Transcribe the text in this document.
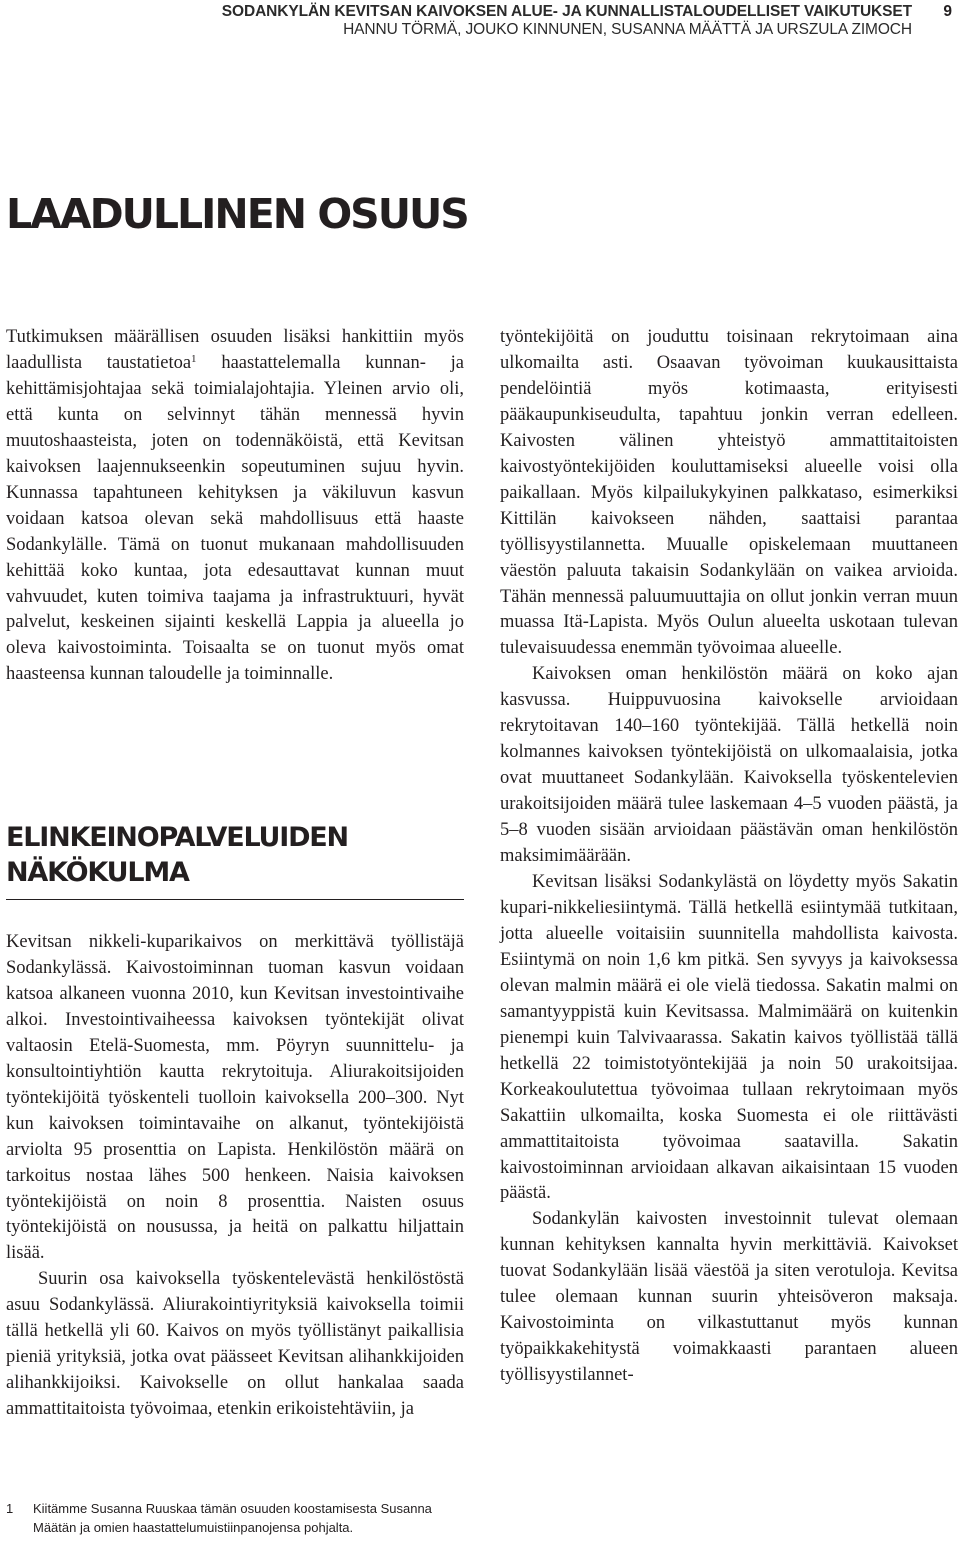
SODANKYLÄN KEVITSAN KAIVOKSEN ALUE- JA KUNNALLISTALOUDELLISET VAIKUTUKSET
HANNU TÖRMÄ, JOUKO KINNUNEN, SUSANNA MÄÄTTÄ JA URSZULA ZIMOCH
9
LAADULLINEN OSUUS

Tutkimuksen määrällisen osuuden lisäksi hankittiin myös laadullista taustatietoa$^1$ haastattelemalla kunnan- ja kehittämisjohtajaa sekä toimialajohtajia. Yleinen arvio oli, että kunta on selvinnyt tähän mennessä hyvin muutoshaasteista, joten on todennäköistä, että Kevitsan kaivoksen laajennukseenkin sopeutuminen sujuu hyvin. Kunnassa tapahtuneen kehityksen ja väkiluvun kasvun voidaan katsoa olevan sekä mahdollisuus että haaste Sodankylälle. Tämä on tuonut mukanaan mahdollisuuden kehittää koko kuntaa, jota edesauttavat kunnan muut vahvuudet, kuten toimiva taajama ja infrastruktuuri, hyvät palvelut, keskeinen sijainti keskellä Lappia ja alueella jo oleva kaivostoiminta. Toisaalta se on tuonut myös omat haasteensa kunnan taloudelle ja toiminnalle.

ELINKEINOPALVELUIDEN
NÄKÖKULMA

Kevitsan nikkeli-kuparikaivos on merkittävä työllistäjä Sodankylässä. Kaivostoiminnan tuoman kasvun voidaan katsoa alkaneen vuonna 2010, kun Kevitsan investointivaihe alkoi. Investointivaiheessa kaivoksen työntekijät olivat valtaosin Etelä-Suomesta, mm. Pöyryn suunnittelu- ja konsultointiyhtiön kautta rekrytoituja. Aliurakoitsijoiden työntekijöitä työskenteli tuolloin kaivoksella 200–300. Nyt kun kaivoksen toimintavaihe on alkanut, työntekijöistä arviolta 95 prosenttia on Lapista. Henkilöstön määrä on tarkoitus nostaa lähes 500 henkeen. Naisia kaivoksen työntekijöistä on noin 8 prosenttia. Naisten osuus työntekijöistä on nousussa, ja heitä on palkattu hiljattain lisää.

Suurin osa kaivoksella työskentelevästä henkilöstöstä asuu Sodankylässä. Aliurakointiyrityksiä kaivoksella toimii tällä hetkellä yli 60. Kaivos on myös työllistänyt paikallisia pieniä yrityksiä, jotka ovat päässeet Kevitsan alihankkijoiden alihankkijoiksi. Kaivokselle on ollut hankalaa saada ammattitaitoista työvoimaa, etenkin erikoistehtäviin, ja

työntekijöitä on jouduttu toisinaan rekrytoimaan aina ulkomailta asti. Osaavan työvoiman kuukausittaista pendelöintiä myös kotimaasta, erityisesti pääkaupunkiseudulta, tapahtuu jonkin verran edelleen. Kaivosten välinen yhteistyö ammattitaitoisten kaivostyöntekijöiden kouluttamiseksi alueelle voisi olla paikallaan. Myös kilpailukykyinen palkkataso, esimerkiksi Kittilän kaivokseen nähden, saattaisi parantaa työllisyystilannetta. Muualle opiskelemaan muuttaneen väestön paluuta takaisin Sodankylään on vaikea arvioida. Tähän mennessä paluumuuttajia on ollut jonkin verran muun muassa Itä-Lapista. Myös Oulun alueelta uskotaan tulevan tulevaisuudessa enemmän työvoimaa alueelle.

Kaivoksen oman henkilöstön määrä on koko ajan kasvussa. Huippuvuosina kaivokselle arvioidaan rekrytoitavan 140–160 työntekijää. Tällä hetkellä noin kolmannes kaivoksen työntekijöistä on ulkomaalaisia, jotka ovat muuttaneet Sodankylään. Kaivoksella työskentelevien urakoitsijoiden määrä tulee laskemaan 4–5 vuoden päästä, ja 5–8 vuoden sisään arvioidaan päästävän oman henkilöstön maksimimäärään.

Kevitsan lisäksi Sodankylästä on löydetty myös Sakatin kupari-nikkeliesiintymä. Tällä hetkellä esiintymää tutkitaan, jotta alueelle voitaisiin suunnitella mahdollista kaivosta. Esiintymä on noin 1,6 km pitkä. Sen syvyys ja kaivoksessa olevan malmin määrä ei ole vielä tiedossa. Sakatin malmi on samantyyppistä kuin Kevitsassa. Malmimäärä on kuitenkin pienempi kuin Talvivaarassa. Sakatin kaivos työllistää tällä hetkellä 22 toimistotyöntekijää ja noin 50 urakoitsijaa. Korkeakoulutettua työvoimaa tullaan rekrytoimaan myös Sakattiin ulkomailta, koska Suomesta ei ole riittävästi ammattitaitoista työvoimaa saatavilla. Sakatin kaivostoiminnan arvioidaan alkavan aikaisintaan 15 vuoden päästä.

Sodankylän kaivosten investoinnit tulevat olemaan kunnan kehityksen kannalta hyvin merkittäviä. Kaivokset tuovat Sodankylään lisää väestöä ja siten verotuloja. Kevitsa tulee olemaan kunnan suurin yhteisöveron maksaja. Kaivostoiminta on vilkastuttanut myös kunnan työpaikkakehitystä voimakkaasti parantaen alueen työllisyystilannet-

1 Kiitämme Susanna Ruuskaa tämän osuuden koostamisesta Susanna Määtän ja omien haastattelumuistiinpanojensa pohjalta.
